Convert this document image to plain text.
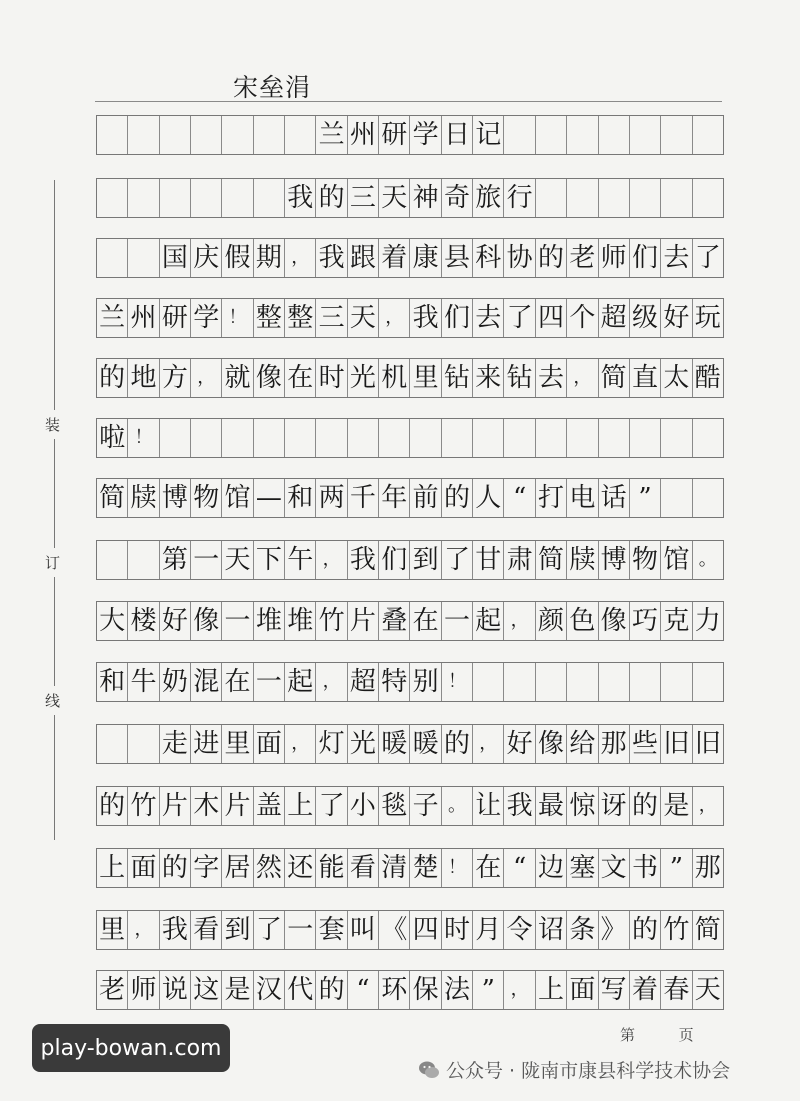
宋垒涓
装
订
线
兰 州 研 学 日 记
我 的 三 天 神 奇 旅 行
国 庆 假 期 ， 我 跟 着 康 县 科 协 的 老 师 们 去 了
兰 州 研 学 ！ 整 整 三 天 ， 我 们 去 了 四 个 超 级 好 玩
的 地 方 ， 就 像 在 时 光 机 里 钻 来 钻 去 ， 简 直 太 酷
啦 ！
简 牍 博 物 馆 — 和 两 千 年 前 的 人 “ 打 电 话 ”
第 一 天 下 午 ， 我 们 到 了 甘 肃 简 牍 博 物 馆 。
大 楼 好 像 一 堆 堆 竹 片 叠 在 一 起 ， 颜 色 像 巧 克 力
和 牛 奶 混 在 一 起 ， 超 特 别 ！
走 进 里 面 ， 灯 光 暖 暖 的 ， 好 像 给 那 些 旧 旧
的 竹 片 木 片 盖 上 了 小 毯 子 。 让 我 最 惊 讶 的 是 ，
上 面 的 字 居 然 还 能 看 清 楚 ！ 在 “ 边 塞 文 书 ” 那
里 ， 我 看 到 了 一 套 叫 《 四 时 月 令 诏 条 》 的 竹 简
老 师 说 这 是 汉 代 的 “ 环 保 法 ” ， 上 面 写 着 春 天
第	页
play-bowan.com
公众号 · 陇南市康县科学技术协会
